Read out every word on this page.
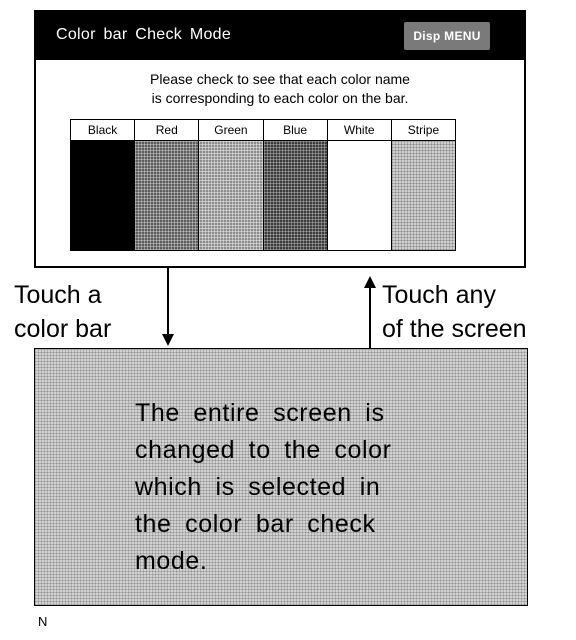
Color bar Check Mode	Disp MENU
Please check to see that each color name
is corresponding to each color on the bar.
Black	Red	Green	Blue	White	Stripe
Touch a
color bar
Touch any
of the screen
The entire screen is
changed to the color
which is selected in
the color bar check
mode.
N
